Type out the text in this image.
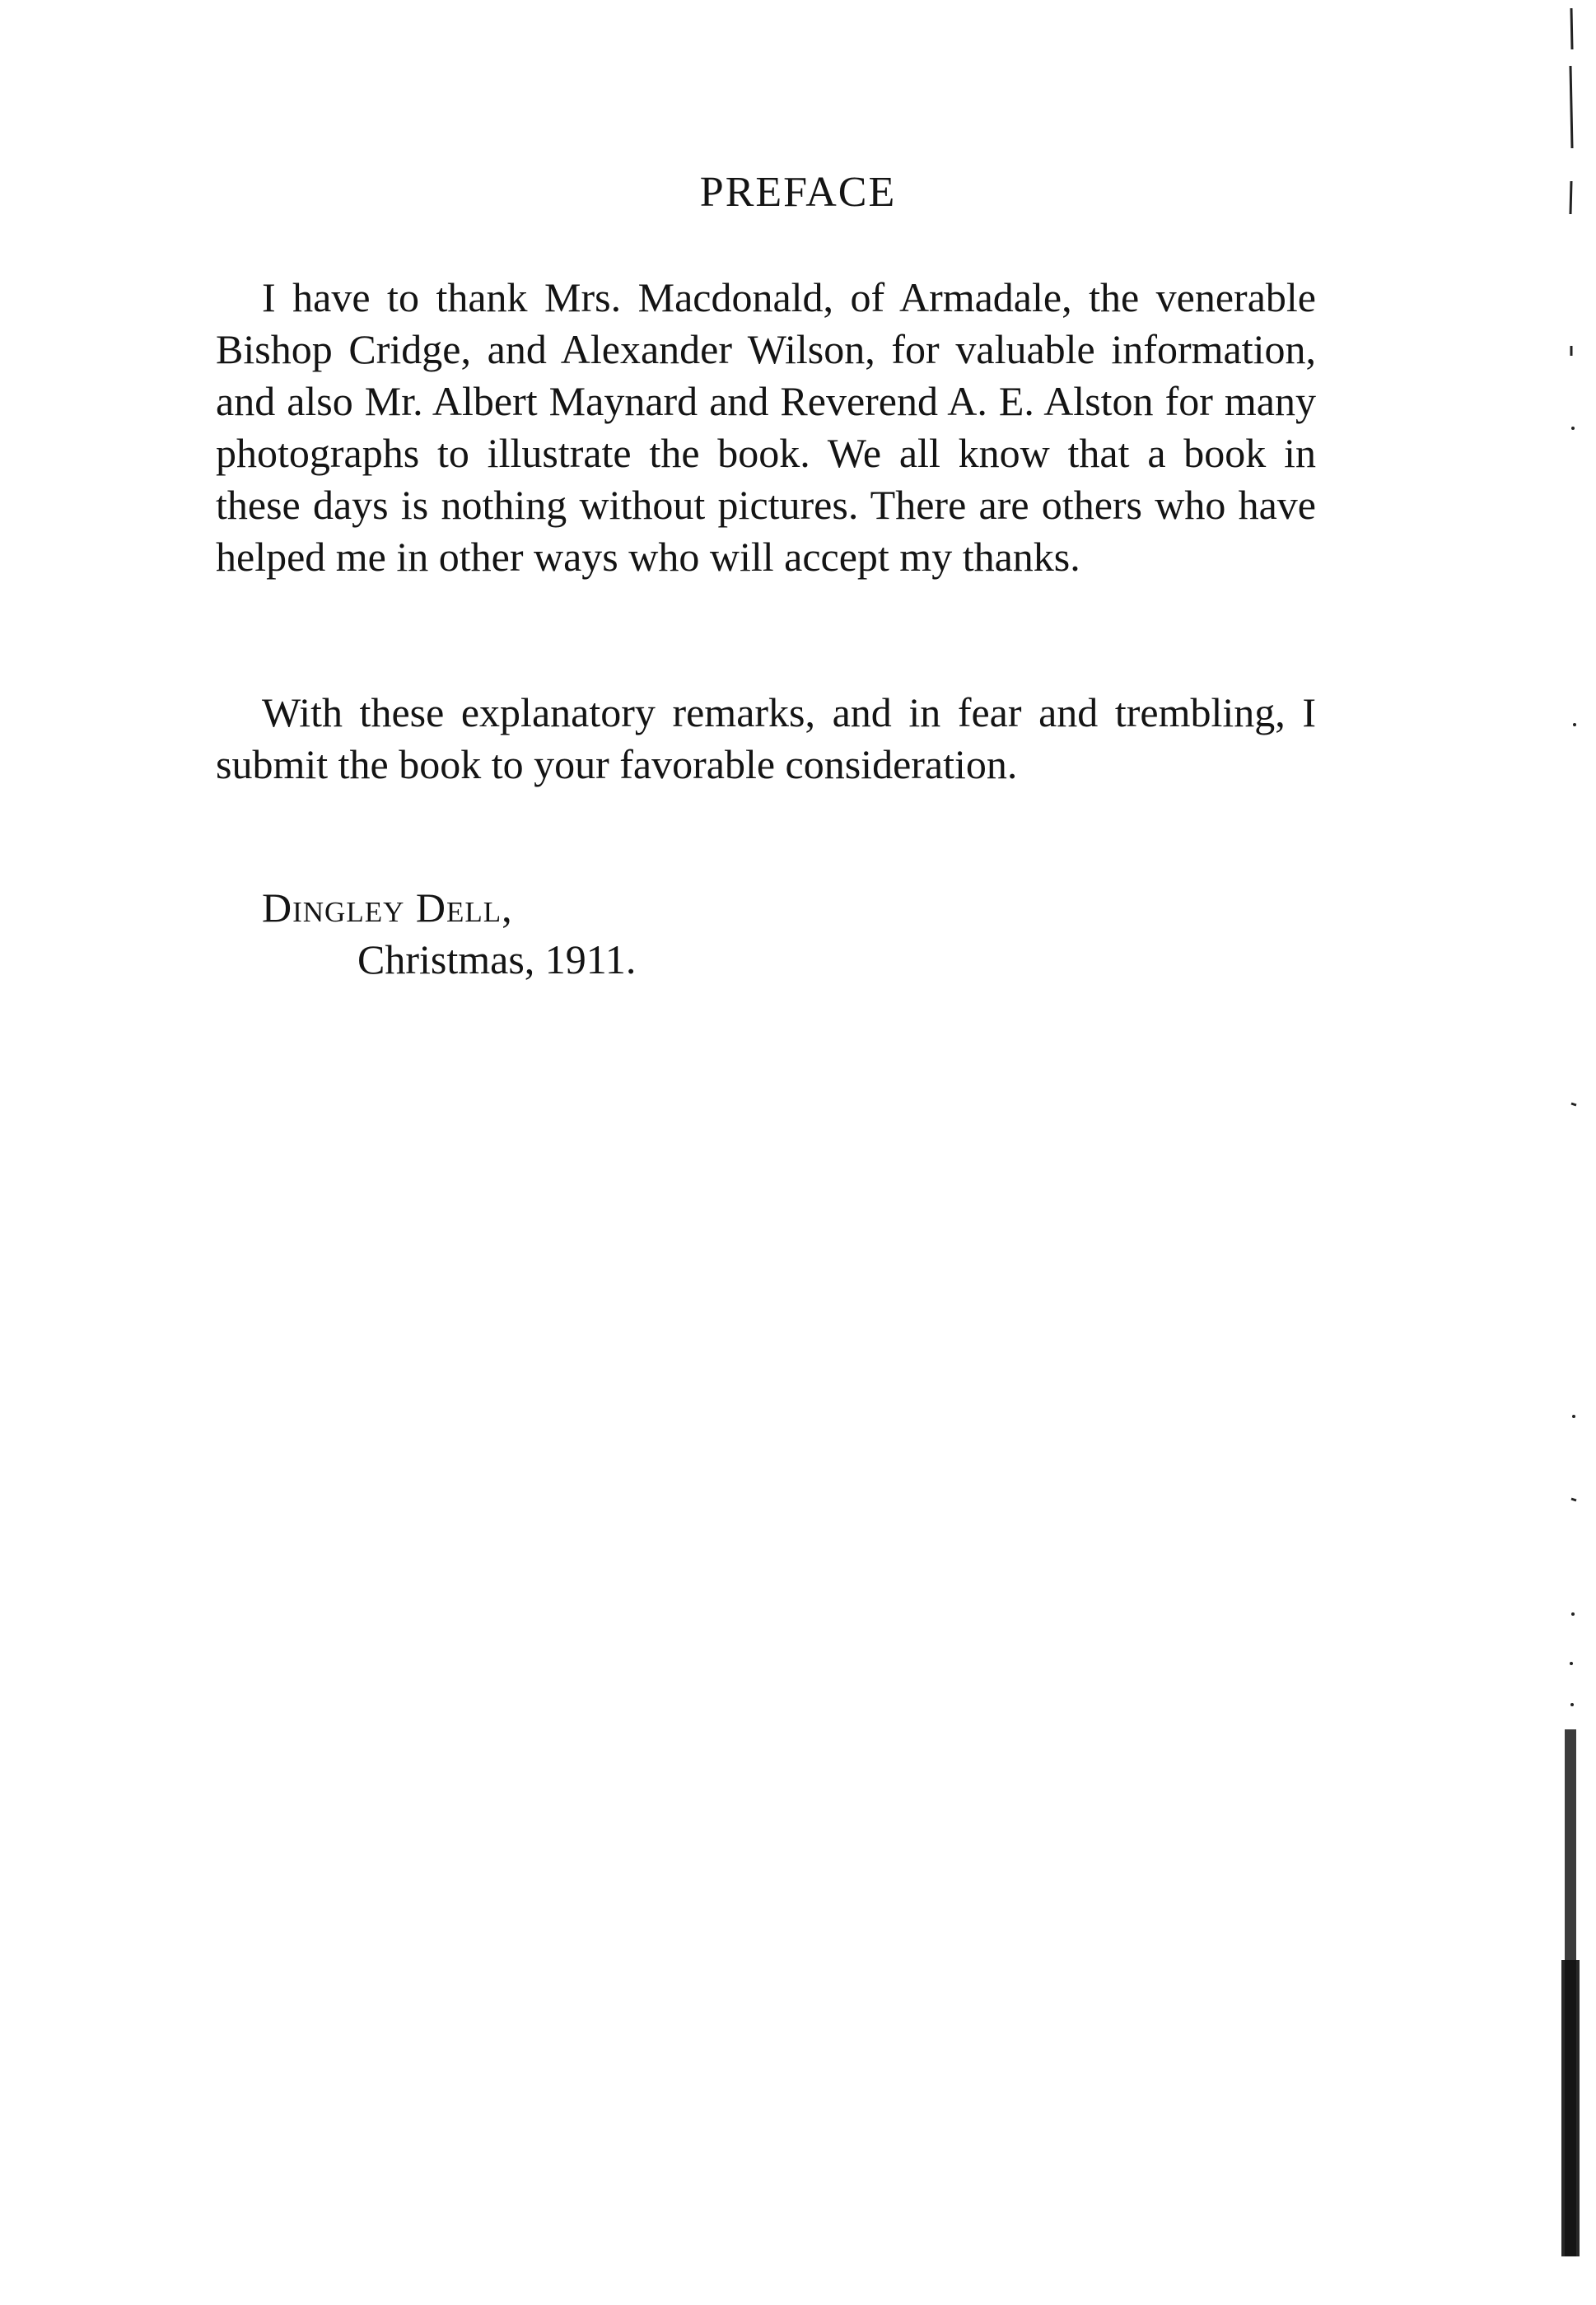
PREFACE

I have to thank Mrs. Macdonald, of Armadale, the venerable Bishop Cridge, and Alexander Wilson, for valuable information, and also Mr. Albert Maynard and Reverend A. E. Alston for many photographs to illustrate the book. We all know that a book in these days is nothing without pictures. There are others who have helped me in other ways who will accept my thanks.

With these explanatory remarks, and in fear and trembling, I submit the book to your favorable consideration.

Dingley Dell,

Christmas, 1911.
